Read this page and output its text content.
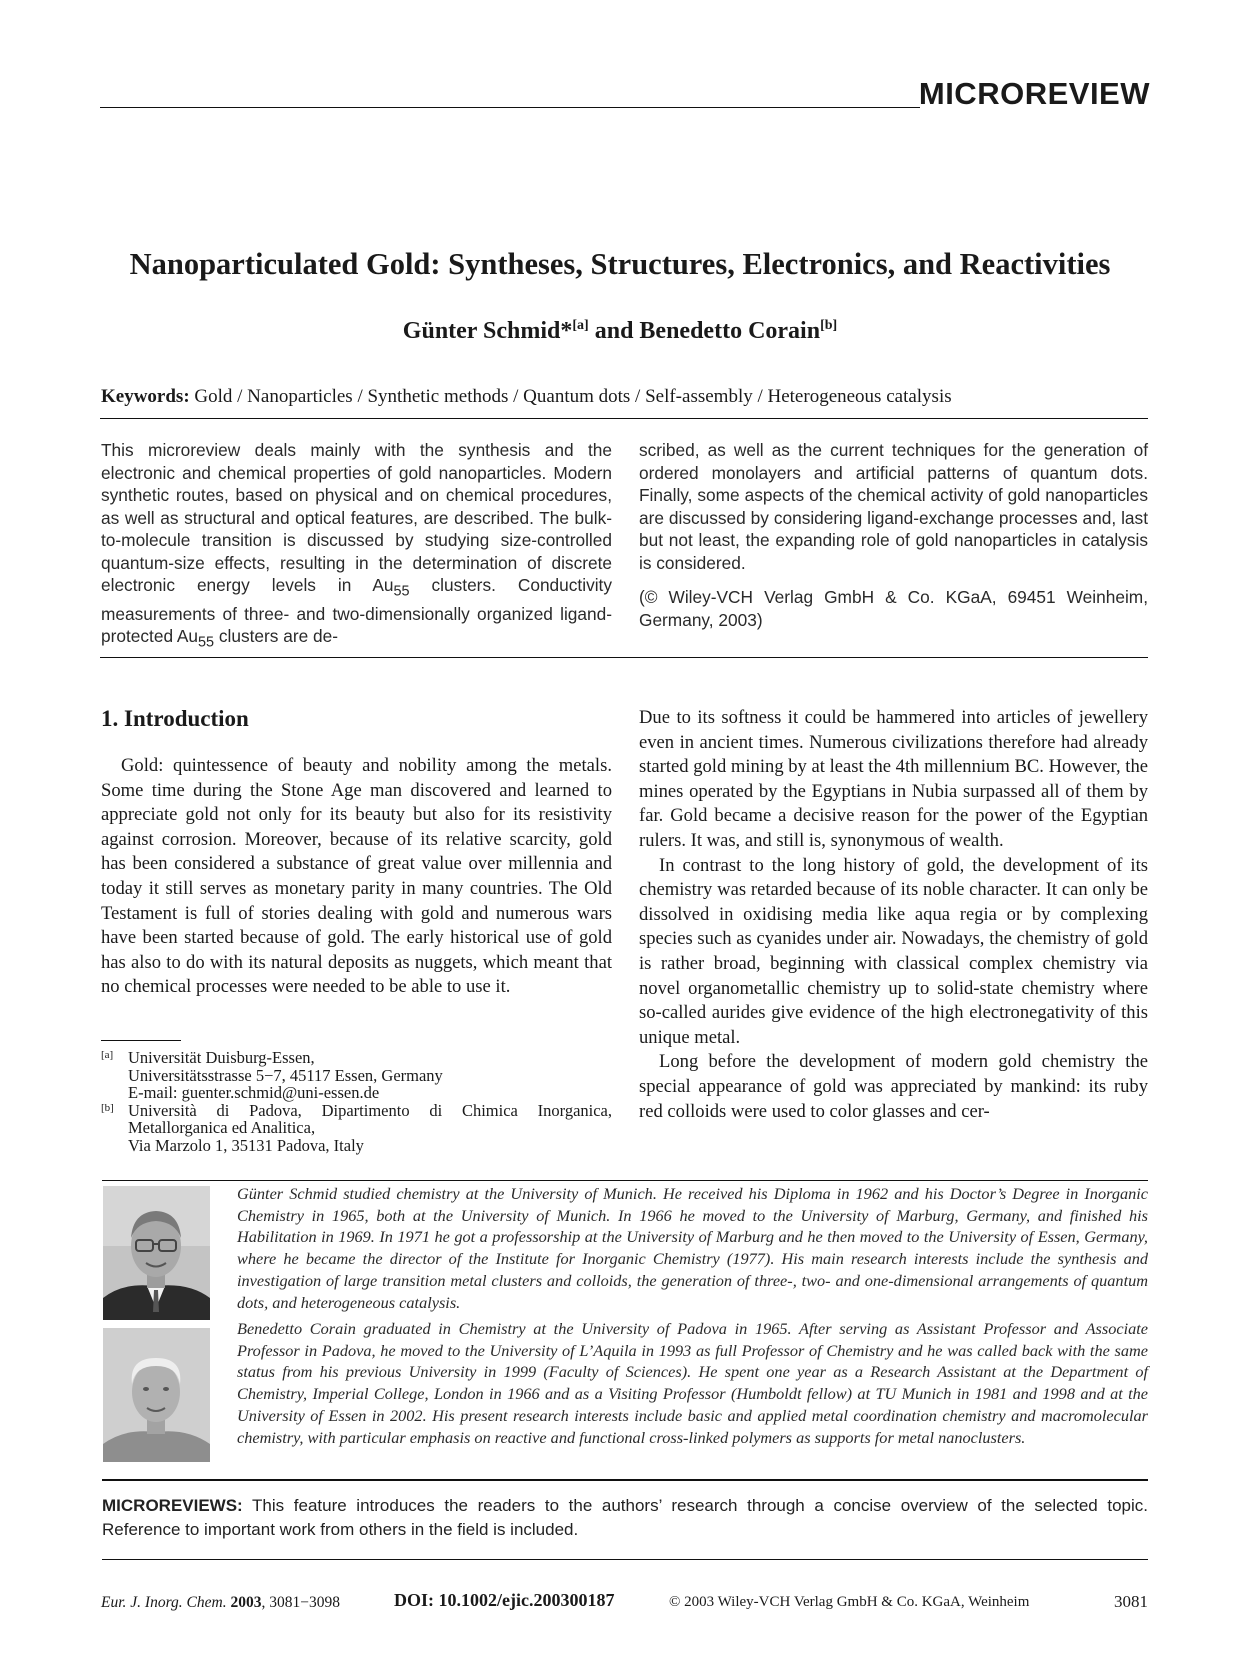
MICROREVIEW
Nanoparticulated Gold: Syntheses, Structures, Electronics, and Reactivities
Günter Schmid*[a] and Benedetto Corain[b]
Keywords: Gold / Nanoparticles / Synthetic methods / Quantum dots / Self-assembly / Heterogeneous catalysis
This microreview deals mainly with the synthesis and the electronic and chemical properties of gold nanoparticles. Modern synthetic routes, based on physical and on chemical procedures, as well as structural and optical features, are described. The bulk-to-molecule transition is discussed by studying size-controlled quantum-size effects, resulting in the determination of discrete electronic energy levels in $Au_{55}$ clusters. Conductivity measurements of three- and two-dimensionally organized ligand-protected $Au_{55}$ clusters are de-
scribed, as well as the current techniques for the generation of ordered monolayers and artificial patterns of quantum dots. Finally, some aspects of the chemical activity of gold nanoparticles are discussed by considering ligand-exchange processes and, last but not least, the expanding role of gold nanoparticles in catalysis is considered.
(© Wiley-VCH Verlag GmbH & Co. KGaA, 69451 Weinheim, Germany, 2003)
1. Introduction

Gold: quintessence of beauty and nobility among the metals. Some time during the Stone Age man discovered and learned to appreciate gold not only for its beauty but also for its resistivity against corrosion. Moreover, because of its relative scarcity, gold has been considered a substance of great value over millennia and today it still serves as monetary parity in many countries. The Old Testament is full of stories dealing with gold and numerous wars have been started because of gold. The early historical use of gold has also to do with its natural deposits as nuggets, which meant that no chemical processes were needed to be able to use it.

Due to its softness it could be hammered into articles of jewellery even in ancient times. Numerous civilizations therefore had already started gold mining by at least the 4th millennium BC. However, the mines operated by the Egyptians in Nubia surpassed all of them by far. Gold became a decisive reason for the power of the Egyptian rulers. It was, and still is, synonymous of wealth.

In contrast to the long history of gold, the development of its chemistry was retarded because of its noble character. It can only be dissolved in oxidising media like aqua regia or by complexing species such as cyanides under air. Nowadays, the chemistry of gold is rather broad, beginning with classical complex chemistry via novel organometallic chemistry up to solid-state chemistry where so-called aurides give evidence of the high electronegativity of this unique metal.

Long before the development of modern gold chemistry the special appearance of gold was appreciated by mankind: its ruby red colloids were used to color glasses and cer-

[a] Universität Duisburg-Essen,
Universitätsstrasse 5−7, 45117 Essen, Germany
E-mail: guenter.schmid@uni-essen.de
[b] Università di Padova, Dipartimento di Chimica Inorganica, Metallorganica ed Analitica,
Via Marzolo 1, 35131 Padova, Italy
Günter Schmid studied chemistry at the University of Munich. He received his Diploma in 1962 and his Doctor’s Degree in Inorganic Chemistry in 1965, both at the University of Munich. In 1966 he moved to the University of Marburg, Germany, and finished his Habilitation in 1969. In 1971 he got a professorship at the University of Marburg and he then moved to the University of Essen, Germany, where he became the director of the Institute for Inorganic Chemistry (1977). His main research interests include the synthesis and investigation of large transition metal clusters and colloids, the generation of three-, two- and one-dimensional arrangements of quantum dots, and heterogeneous catalysis.
Benedetto Corain graduated in Chemistry at the University of Padova in 1965. After serving as Assistant Professor and Associate Professor in Padova, he moved to the University of L’Aquila in 1993 as full Professor of Chemistry and he was called back with the same status from his previous University in 1999 (Faculty of Sciences). He spent one year as a Research Assistant at the Department of Chemistry, Imperial College, London in 1966 and as a Visiting Professor (Humboldt fellow) at TU Munich in 1981 and 1998 and at the University of Essen in 2002. His present research interests include basic and applied metal coordination chemistry and macromolecular chemistry, with particular emphasis on reactive and functional cross-linked polymers as supports for metal nanoclusters.
MICROREVIEWS: This feature introduces the readers to the authors’ research through a concise overview of the selected topic. Reference to important work from others in the field is included.
Eur. J. Inorg. Chem. 2003, 3081−3098	DOI: 10.1002/ejic.200300187	© 2003 Wiley-VCH Verlag GmbH & Co. KGaA, Weinheim	3081
